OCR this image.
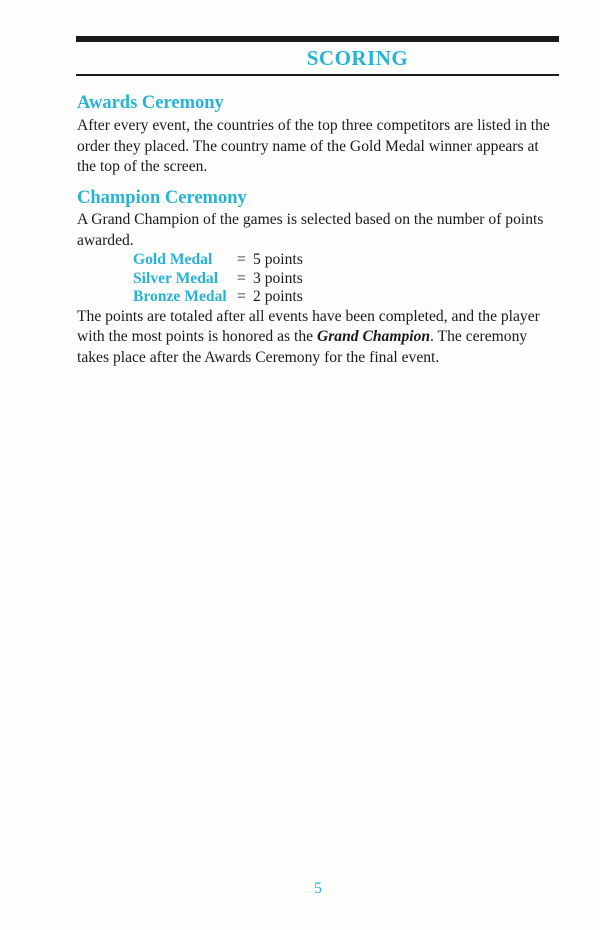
SCORING
Awards Ceremony

After every event, the countries of the top three competitors are listed in the
order they placed. The country name of the Gold Medal winner appears at
the top of the screen.

Champion Ceremony

A Grand Champion of the games is selected based on the number of points
awarded.

Gold Medal	=	5 points
Silver Medal	=	3 points
Bronze Medal	=	2 points

The points are totaled after all events have been completed, and the player
with the most points is honored as the Grand Champion. The ceremony
takes place after the Awards Ceremony for the final event.

5
